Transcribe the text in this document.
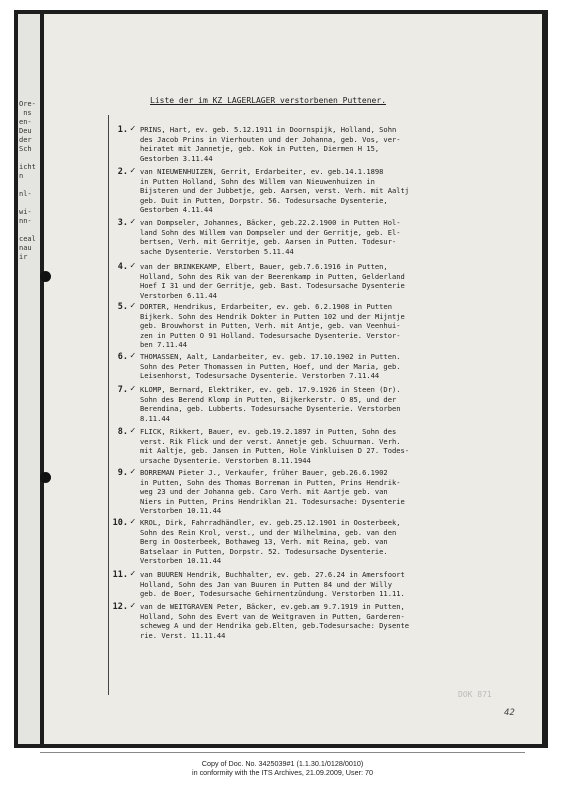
Ore-
ns
en-
Deu
der
Sch

icht
n

nl-

wi-
nn-

ceal
nau
ir
Liste der im KZ LAGERLAGER verstorbenen Puttener.
1. ✓ PRINS, Hart, ev. geb. 5.12.1911 in Doornspijk, Holland, Sohn
des Jacob Prins in Vierhouten und der Johanna, geb. Vos, ver-
heiratet mit Jannetje, geb. Kok in Putten, Diermen H 15,
Gestorben 3.11.44
2. ✓ van NIEUWENHUIZEN, Gerrit, Erdarbeiter, ev. geb.14.1.1898
in Putten Holland, Sohn des Willem van Nieuwenhuizen in
Bijsteren und der Jubbetje, geb. Aarsen, verst. Verh. mit Aaltj
geb. Duit in Putten, Dorpstr. 56. Todesursache Dysenterie,
Gestorben 4.11.44
3. ✓ van Dompseler, Johannes, Bäcker, geb.22.2.1900 in Putten Hol-
land Sohn des Willem van Dompseler und der Gerritje, geb. El-
bertsen, Verh. mit Gerritje, geb. Aarsen in Putten. Todesur-
sache Dysenterie. Verstorben 5.11.44
4. ✓ van der BRINKEKAMP, Elbert, Bauer, geb.7.6.1916 in Putten,
Holland, Sohn des Rik van der Beerenkamp in Putten, Gelderland
Hoef I 31 und der Gerritje, geb. Bast. Todesursache Dysenterie
Verstorben 6.11.44
5. ✓ DORTER, Hendrikus, Erdarbeiter, ev. geb. 6.2.1908 in Putten
Bijkerk. Sohn des Hendrik Dokter in Putten 102 und der Mijntje
geb. Brouwhorst in Putten, Verh. mit Antje, geb. van Veenhui-
zen in Putten O 91 Holland. Todesursache Dysenterie. Verstor-
ben 7.11.44
6. ✓ THOMASSEN, Aalt, Landarbeiter, ev. geb. 17.10.1902 in Putten.
Sohn des Peter Thomassen in Putten, Hoef, und der Maria, geb.
Leisenhorst, Todesursache Dysenterie. Verstorben 7.11.44
7. ✓ KLOMP, Bernard, Elektriker, ev. geb. 17.9.1926 in Steen (Dr).
Sohn des Berend Klomp in Putten, Bijkerkerstr. O 85, und der
Berendina, geb. Lubberts. Todesursache Dysenterie. Verstorben
8.11.44
8. ✓ FLICK, Rikkert, Bauer, ev. geb.19.2.1897 in Putten, Sohn des
verst. Rik Flick und der verst. Annetje geb. Schuurman. Verh.
mit Aaltje, geb. Jansen in Putten, Hole Vinkluisen D 27. Todes-
ursache Dysenterie. Verstorben 8.11.1944
9. ✓ BORREMAN Pieter J., Verkaufer, früher Bauer, geb.26.6.1902
in Putten, Sohn des Thomas Borreman in Putten, Prins Hendrik-
weg 23 und der Johanna geb. Caro Verh. mit Aartje geb. van
Niers in Putten, Prins Hendriklan 21. Todesursache: Dysenterie
Verstorben 10.11.44
10. ✓ KROL, Dirk, Fahrradhändler, ev. geb.25.12.1901 in Oosterbeek,
Sohn des Rein Krol, verst., und der Wilhelmina, geb. van den
Berg in Oosterbeek, Bothaweg 13, Verh. mit Reina, geb. van
Batselaar in Putten, Dorpstr. 52. Todesursache Dysenterie.
Verstorben 10.11.44
11. ✓ van BUUREN Hendrik, Buchhalter, ev. geb. 27.6.24 in Amersfoort
Holland, Sohn des Jan van Buuren in Putten 84 und der Willy
geb. de Boer, Todesursache Gehirnentzündung. Verstorben 11.11.
12. ✓ van de WEITGRAVEN Peter, Bäcker, ev.geb.am 9.7.1919 in Putten,
Holland, Sohn des Evert van de Weitgraven in Putten, Garderen-
scheweg A und der Hendrika geb.Elten, geb.Todesursache: Dysente
rie. Verst. 11.11.44
DOK 871
42
Copy of Doc. No. 3425039#1 (1.1.30.1/0128/0010)
in conformity with the ITS Archives, 21.09.2009, User: 70
